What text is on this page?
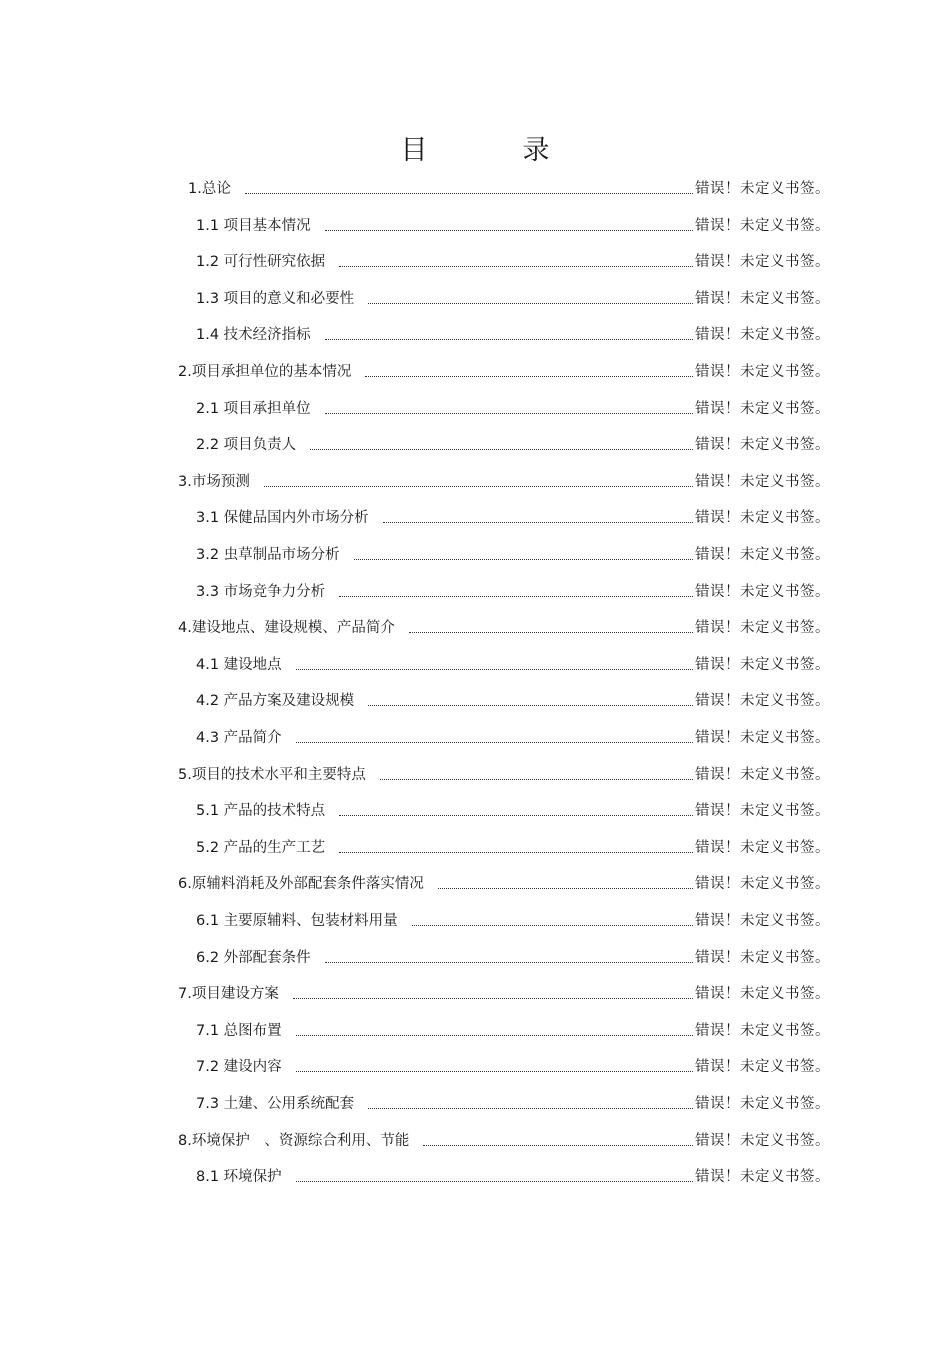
目　录
1.总论	错误！未定义书签。
1.1 项目基本情况	错误！未定义书签。
1.2 可行性研究依据	错误！未定义书签。
1.3 项目的意义和必要性	错误！未定义书签。
1.4 技术经济指标	错误！未定义书签。
2.项目承担单位的基本情况	错误！未定义书签。
2.1 项目承担单位	错误！未定义书签。
2.2 项目负责人	错误！未定义书签。
3.市场预测	错误！未定义书签。
3.1 保健品国内外市场分析	错误！未定义书签。
3.2 虫草制品市场分析	错误！未定义书签。
3.3 市场竞争力分析	错误！未定义书签。
4.建设地点、建设规模、产品简介	错误！未定义书签。
4.1 建设地点	错误！未定义书签。
4.2 产品方案及建设规模	错误！未定义书签。
4.3 产品简介	错误！未定义书签。
5.项目的技术水平和主要特点	错误！未定义书签。
5.1 产品的技术特点	错误！未定义书签。
5.2 产品的生产工艺	错误！未定义书签。
6.原辅料消耗及外部配套条件落实情况	错误！未定义书签。
6.1 主要原辅料、包装材料用量	错误！未定义书签。
6.2 外部配套条件	错误！未定义书签。
7.项目建设方案	错误！未定义书签。
7.1 总图布置	错误！未定义书签。
7.2 建设内容	错误！未定义书签。
7.3 土建、公用系统配套	错误！未定义书签。
8.环境保护　、资源综合利用、节能	错误！未定义书签。
8.1 环境保护	错误！未定义书签。
